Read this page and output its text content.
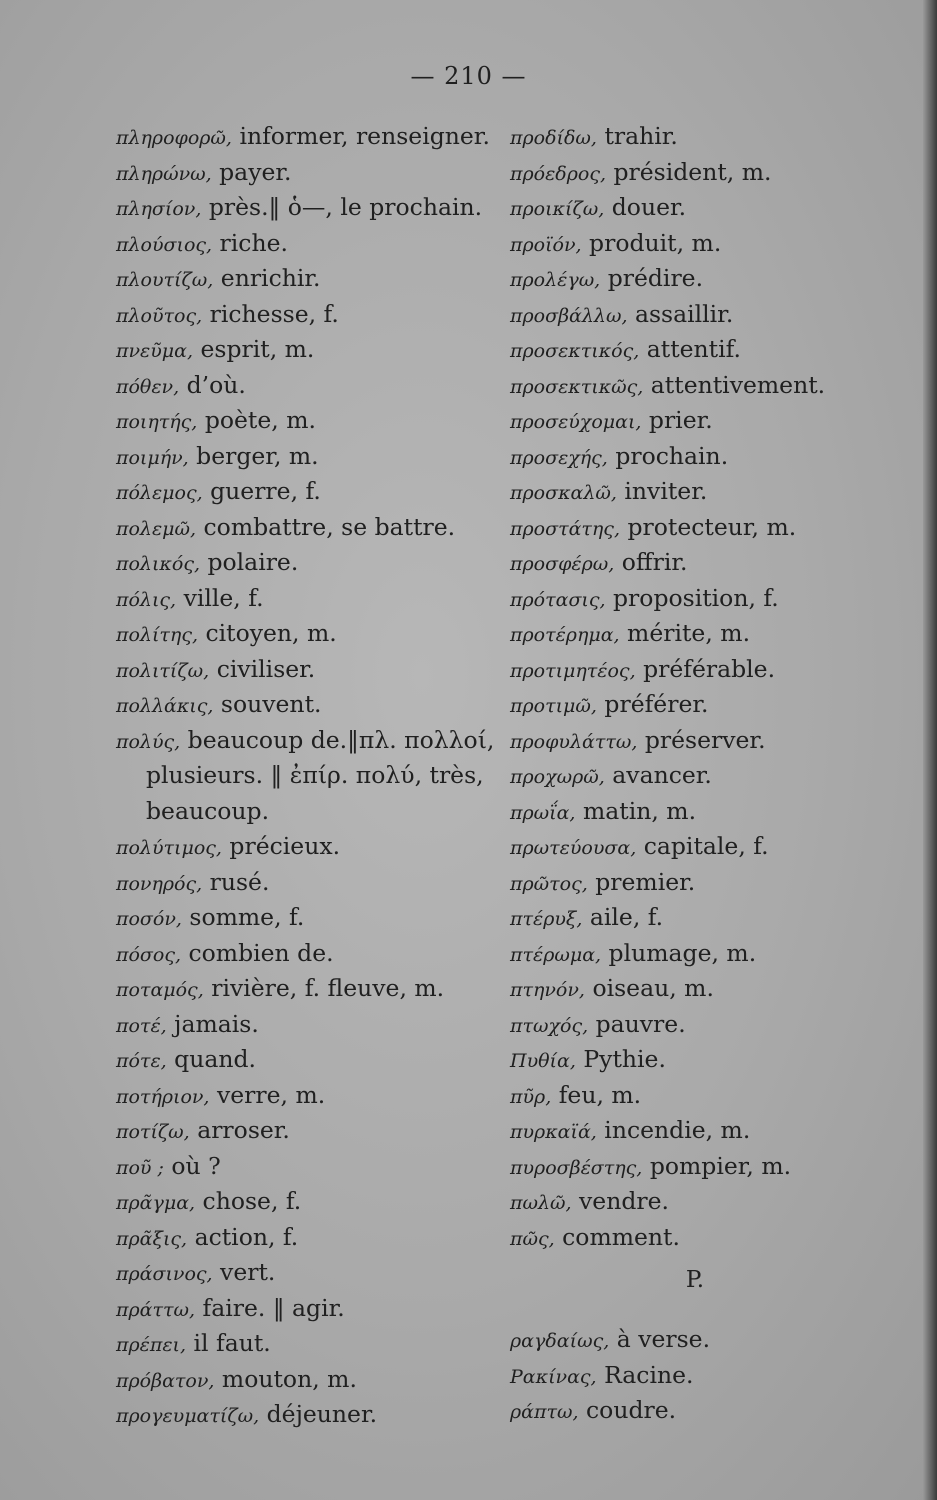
— 210 —
πληροφορῶ, informer, renseigner.
πληρώνω, payer.
πλησίον, près.‖ ὁ—, le prochain.
πλούσιος, riche.
πλουτίζω, enrichir.
πλοῦτος, richesse, f.
πνεῦμα, esprit, m.
πόθεν, d’où.
ποιητής, poète, m.
ποιμήν, berger, m.
πόλεμος, guerre, f.
πολεμῶ, combattre, se battre.
πολικός, polaire.
πόλις, ville, f.
πολίτης, citoyen, m.
πολιτίζω, civiliser.
πολλάκις, souvent.
πολύς, beaucoup de.‖πλ. πολλοί,
plusieurs. ‖ ἐπίρ. πολύ, très,
beaucoup.
πολύτιμος, précieux.
πονηρός, rusé.
ποσόν, somme, f.
πόσος, combien de.
ποταμός, rivière, f. fleuve, m.
ποτέ, jamais.
πότε, quand.
ποτήριον, verre, m.
ποτίζω, arroser.
ποῦ ; où ?
πρᾶγμα, chose, f.
πρᾶξις, action, f.
πράσινος, vert.
πράττω, faire. ‖ agir.
πρέπει, il faut.
πρόβατον, mouton, m.
προγευματίζω, déjeuner.
προδίδω, trahir.
πρόεδρος, président, m.
προικίζω, douer.
προϊόν, produit, m.
προλέγω, prédire.
προσβάλλω, assaillir.
προσεκτικός, attentif.
προσεκτικῶς, attentivement.
προσεύχομαι, prier.
προσεχής, prochain.
προσκαλῶ, inviter.
προστάτης, protecteur, m.
προσφέρω, offrir.
πρότασις, proposition, f.
προτέρημα, mérite, m.
προτιμητέος, préférable.
προτιμῶ, préférer.
προφυλάττω, préserver.
προχωρῶ, avancer.
πρωΐα, matin, m.
πρωτεύουσα, capitale, f.
πρῶτος, premier.
πτέρυξ, aile, f.
πτέρωμα, plumage, m.
πτηνόν, oiseau, m.
πτωχός, pauvre.
Πυθία, Pythie.
πῦρ, feu, m.
πυρκαϊά, incendie, m.
πυροσβέστης, pompier, m.
πωλῶ, vendre.
πῶς, comment.
P.
ραγδαίως, à verse.
Ρακίνας, Racine.
ράπτω, coudre.
